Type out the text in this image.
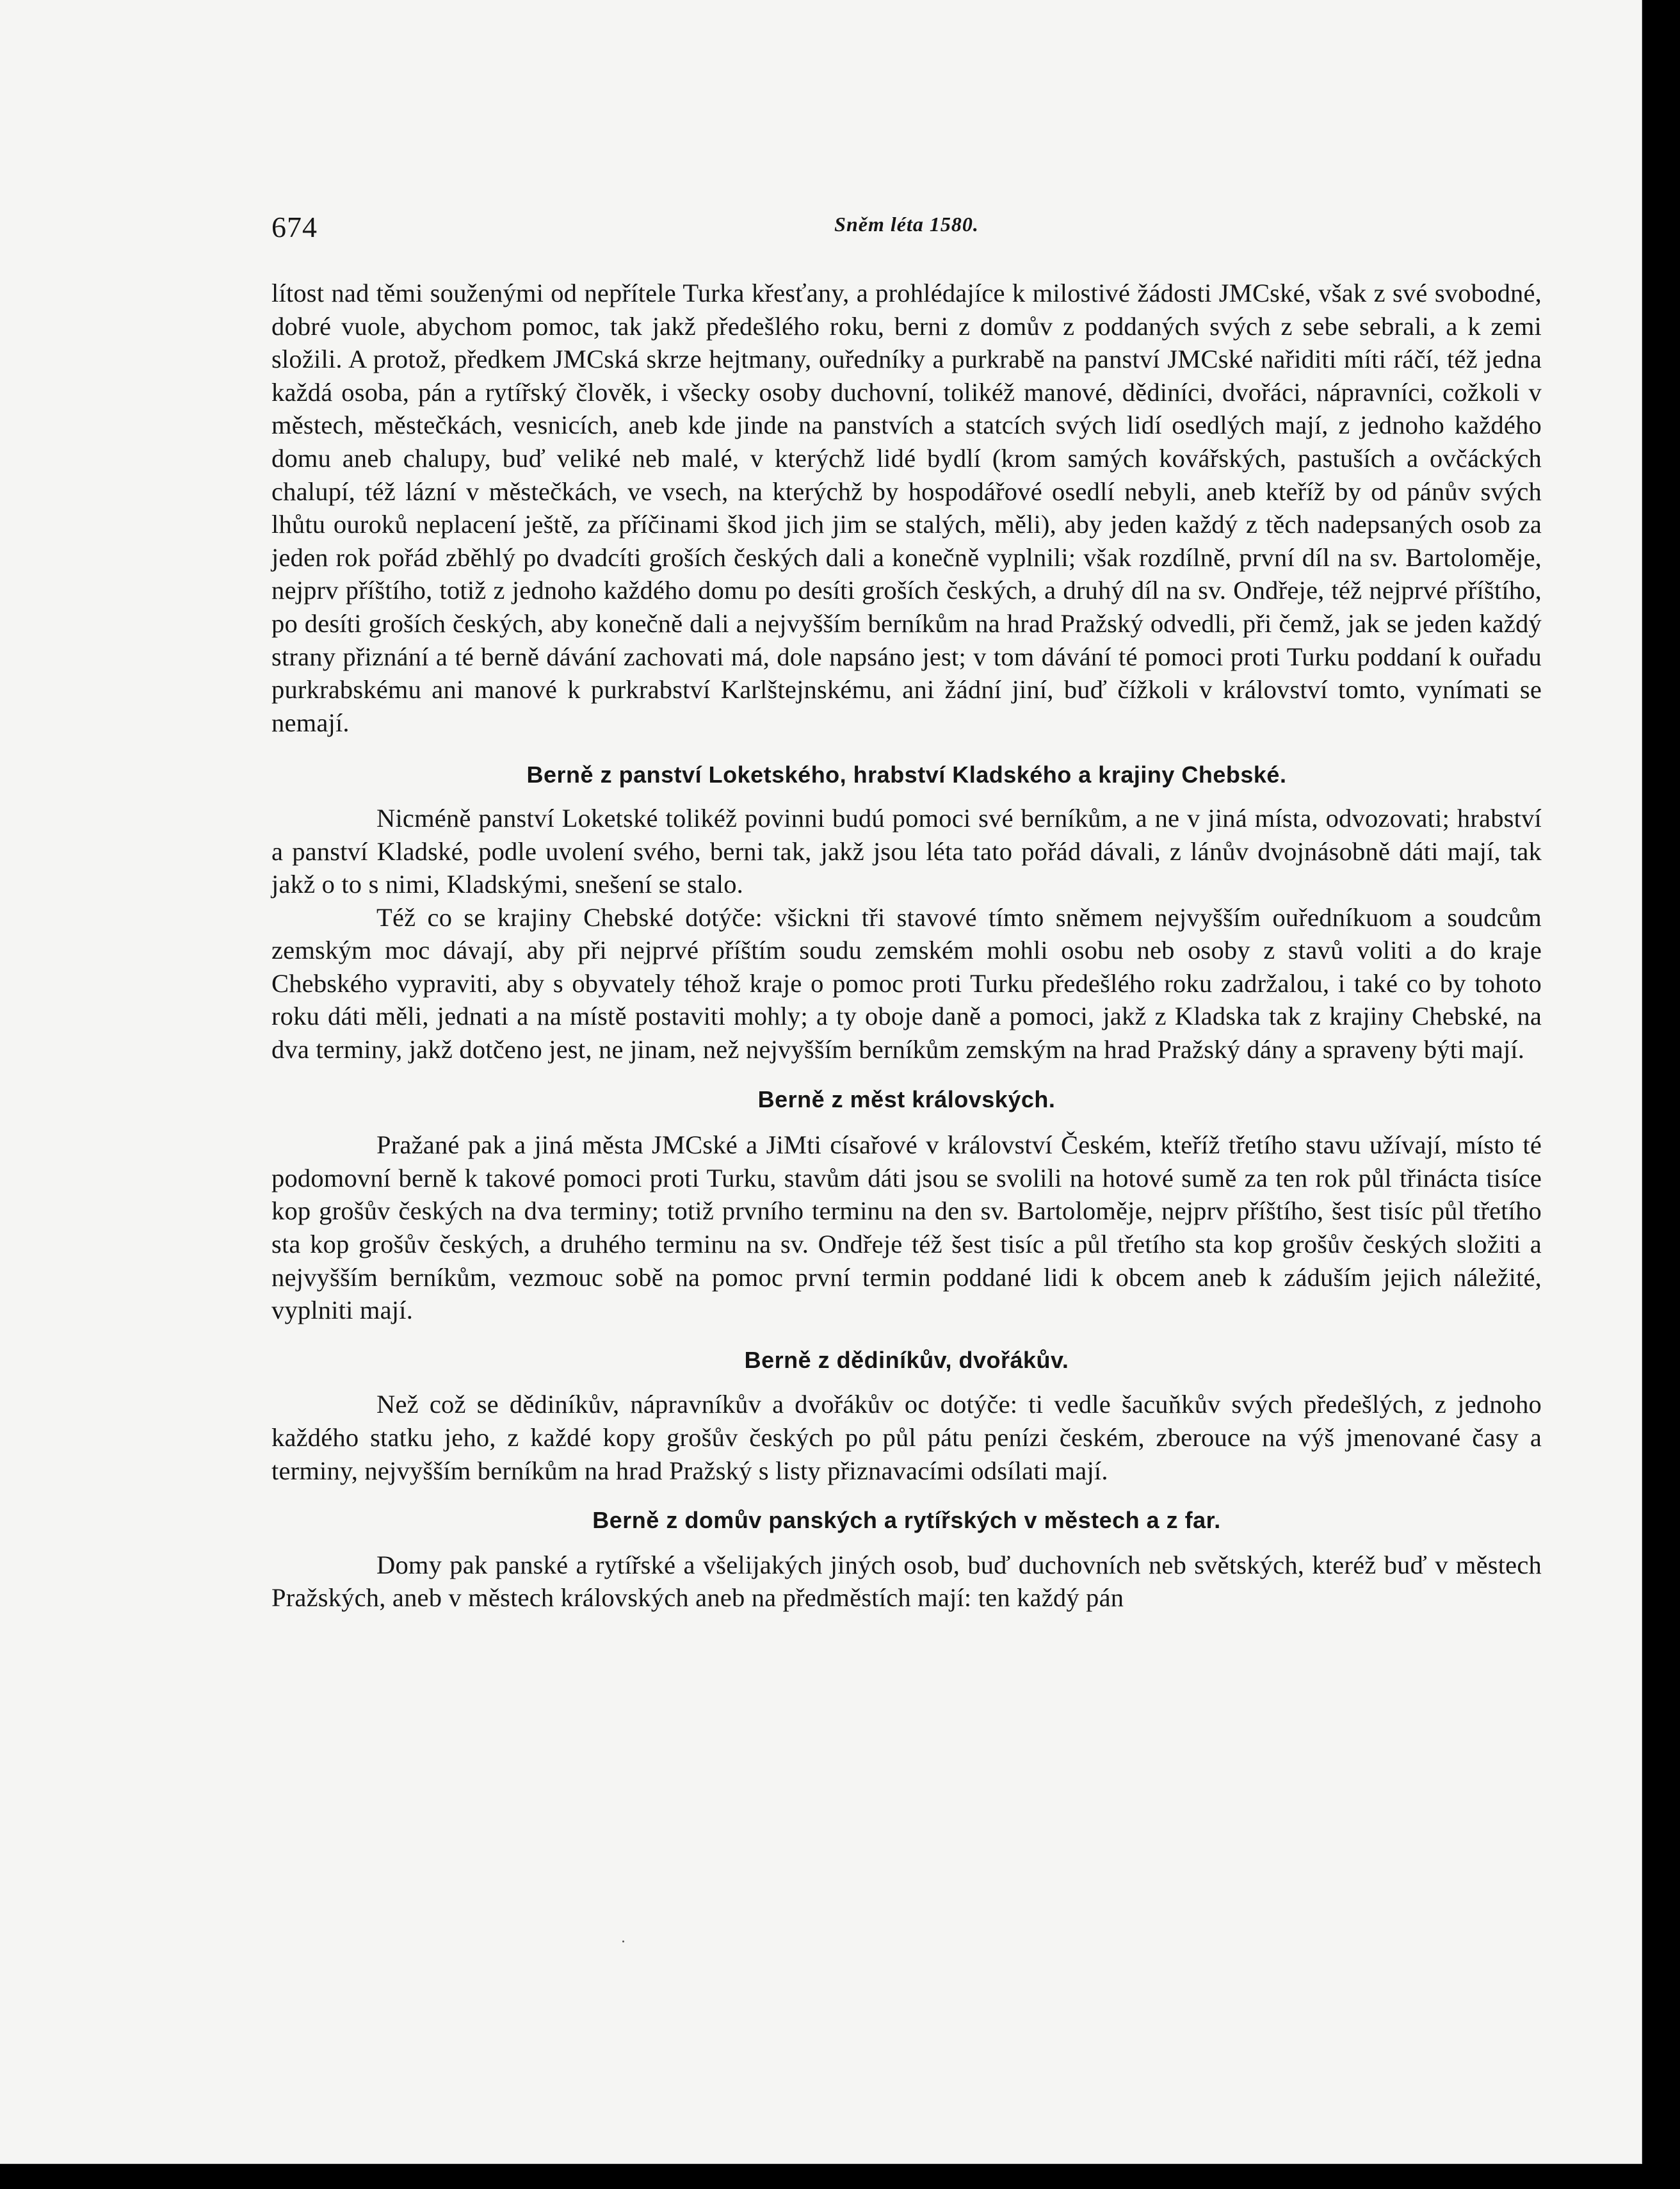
674	Sněm léta 1580.

lítost nad těmi souženými od nepřítele Turka křesťany, a prohlédajíce k milostivé žádosti JMCské, však z své svobodné, dobré vuole, abychom pomoc, tak jakž předešlého roku, berni z domův z poddaných svých z sebe sebrali, a k zemi složili. A protož, předkem JMCská skrze hejtmany, ouředníky a purkrabě na panství JMCské nařiditi míti ráčí, též jedna každá osoba, pán a rytířský člověk, i všecky osoby duchovní, tolikéž manové, dědiníci, dvořáci, nápravníci, cožkoli v městech, městečkách, vesnicích, aneb kde jinde na panstvích a statcích svých lidí osedlých mají, z jednoho každého domu aneb chalupy, buď veliké neb malé, v kterýchž lidé bydlí (krom samých kovářských, pastuších a ovčáckých chalupí, též lázní v městečkách, ve vsech, na kterýchž by hospodářové osedlí nebyli, aneb kteříž by od pánův svých lhůtu ouroků neplacení ještě, za příčinami škod jich jim se stalých, měli), aby jeden každý z těch nadepsaných osob za jeden rok pořád zběhlý po dvadcíti groších českých dali a konečně vyplnili; však rozdílně, první díl na sv. Bartoloměje, nejprv příštího, totiž z jednoho každého domu po desíti groších českých, a druhý díl na sv. Ondřeje, též nejprvé příštího, po desíti groších českých, aby konečně dali a nejvyšším berníkům na hrad Pražský odvedli, při čemž, jak se jeden každý strany přiznání a té berně dávání zachovati má, dole napsáno jest; v tom dávání té pomoci proti Turku poddaní k ouřadu purkrabskému ani manové k purkrabství Karlštejnskému, ani žádní jiní, buď čížkoli v království tomto, vynímati se nemají.

Berně z panství Loketského, hrabství Kladského a krajiny Chebské.

Nicméně panství Loketské tolikéž povinni budú pomoci své berníkům, a ne v jiná místa, odvozovati; hrabství a panství Kladské, podle uvolení svého, berni tak, jakž jsou léta tato pořád dávali, z lánův dvojnásobně dáti mají, tak jakž o to s nimi, Kladskými, snešení se stalo.

Též co se krajiny Chebské dotýče: všickni tři stavové tímto sněmem nejvyšším ouředníkuom a soudcům zemským moc dávají, aby při nejprvé příštím soudu zemském mohli osobu neb osoby z stavů voliti a do kraje Chebského vypraviti, aby s obyvately téhož kraje o pomoc proti Turku předešlého roku zadržalou, i také co by tohoto roku dáti měli, jednati a na místě postaviti mohly; a ty oboje daně a pomoci, jakž z Kladska tak z krajiny Chebské, na dva terminy, jakž dotčeno jest, ne jinam, než nejvyšším berníkům zemským na hrad Pražský dány a spraveny býti mají.

Berně z měst královských.

Pražané pak a jiná města JMCské a JiMti císařové v království Českém, kteříž třetího stavu užívají, místo té podomovní berně k takové pomoci proti Turku, stavům dáti jsou se svolili na hotové sumě za ten rok půl třinácta tisíce kop grošův českých na dva terminy; totiž prvního terminu na den sv. Bartoloměje, nejprv příštího, šest tisíc půl třetího sta kop grošův českých, a druhého terminu na sv. Ondřeje též šest tisíc a půl třetího sta kop grošův českých složiti a nejvyšším berníkům, vezmouc sobě na pomoc první termin poddané lidi k obcem aneb k záduším jejich náležité, vyplniti mají.

Berně z dědiníkův, dvořákův.

Než což se dědiníkův, nápravníkův a dvořákův oc dotýče: ti vedle šacuňkův svých předešlých, z jednoho každého statku jeho, z každé kopy grošův českých po půl pátu penízi českém, zberouce na výš jmenované časy a terminy, nejvyšším berníkům na hrad Pražský s listy přiznavacími odsílati mají.

Berně z domův panských a rytířských v městech a z far.

Domy pak panské a rytířské a všelijakých jiných osob, buď duchovních neb světských, kteréž buď v městech Pražských, aneb v městech královských aneb na předměstích mají: ten každý pán
